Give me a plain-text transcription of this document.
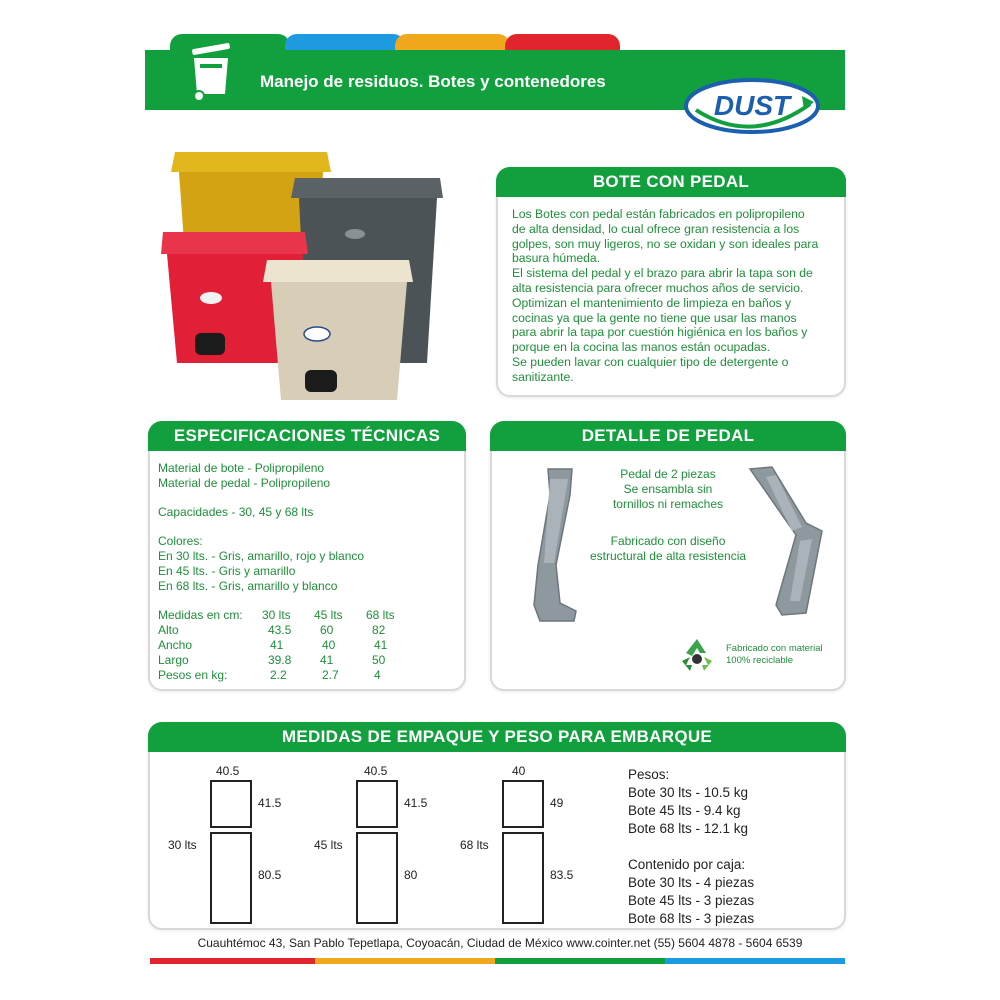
Manejo de residuos. Botes y contenedores
DUST
BOTE CON PEDAL
Los Botes con pedal están fabricados en polipropileno
de alta densidad, lo cual ofrece gran resistencia a los
golpes, son muy ligeros, no se oxidan y son ideales para
basura húmeda.
El sistema del pedal y el brazo para abrir la tapa son de
alta resistencia para ofrecer muchos años de servicio.
Optimizan el mantenimiento de limpieza en baños y
cocinas ya que la gente no tiene que usar las manos
para abrir la tapa por cuestión higiénica en los baños y
porque en la cocina las manos están ocupadas.
Se pueden lavar con cualquier tipo de detergente o
sanitizante.
ESPECIFICACIONES TÉCNICAS
Material de bote - Polipropileno
Material de pedal - Polipropileno
Capacidades - 30, 45 y 68 lts
Colores:
En 30 lts. - Gris, amarillo, rojo y blanco
En 45 lts. - Gris y amarillo
En 68 lts. - Gris, amarillo y blanco
Medidas en cm:	30 lts	45 lts	68 lts
Alto	43.5	60	82
Ancho	41	40	41
Largo	39.8	41	50
Pesos en kg:	2.2	2.7	4
DETALLE DE PEDAL
Pedal de 2 piezas
Se ensambla sin
tornillos ni remaches
Fabricado con diseño
estructural de alta resistencia
Fabricado con material
100% reciclable
MEDIDAS DE EMPAQUE Y PESO PARA EMBARQUE
40.5
41.5
30 lts
80.5
40.5
41.5
45 lts
80
40
49
68 lts
83.5
Pesos:
Bote 30 lts - 10.5 kg
Bote 45 lts - 9.4 kg
Bote 68 lts - 12.1 kg
Contenido por caja:
Bote 30 lts - 4 piezas
Bote 45 lts - 3 piezas
Bote 68 lts - 3 piezas
Cuauhtémoc 43, San Pablo Tepetlapa, Coyoacán, Ciudad de México www.cointer.net (55) 5604 4878 - 5604 6539
